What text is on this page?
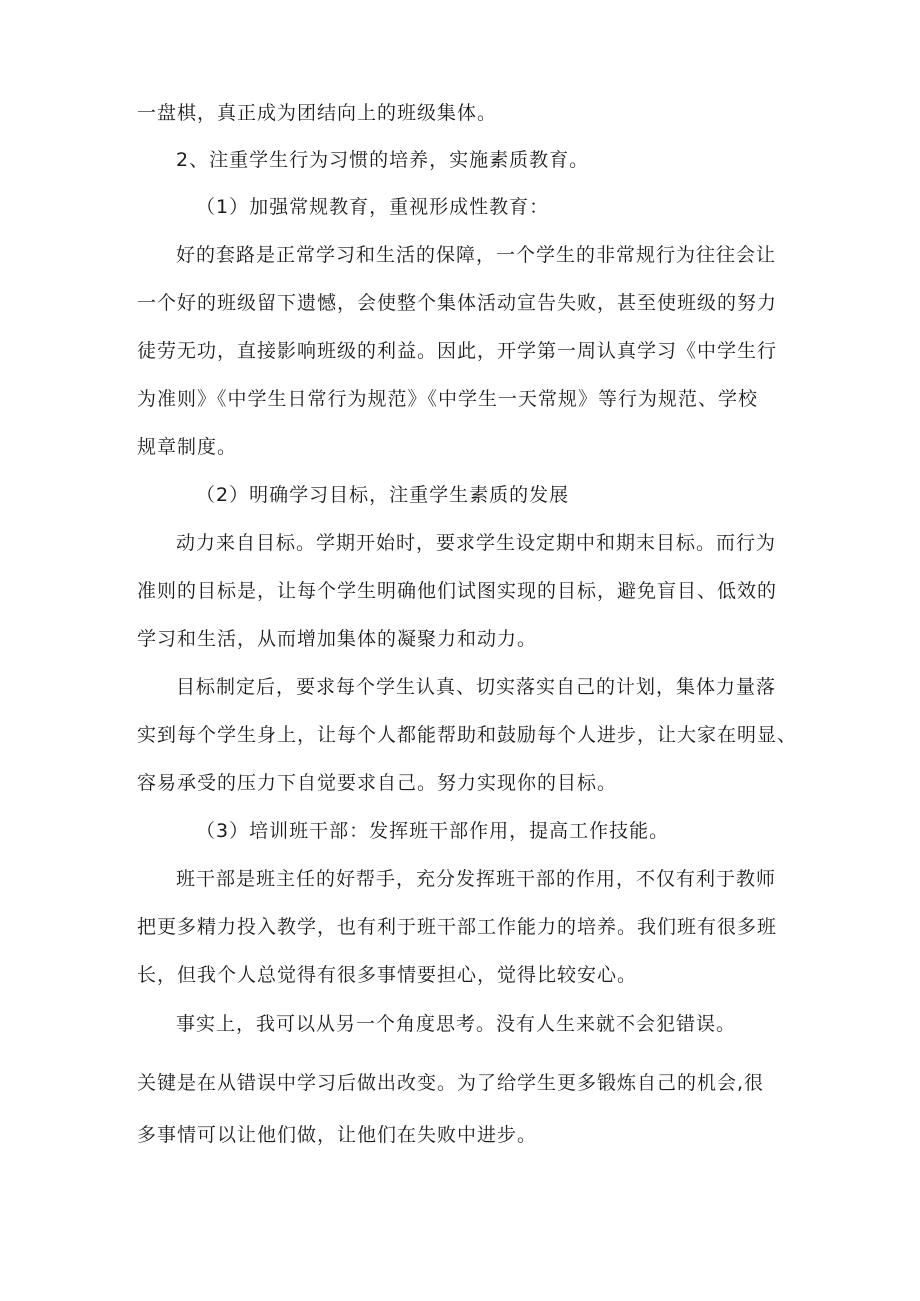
一盘棋，真正成为团结向上的班级集体。

2、注重学生行为习惯的培养，实施素质教育。

（1）加强常规教育，重视形成性教育：

好的套路是正常学习和生活的保障，一个学生的非常规行为往往会让

一个好的班级留下遗憾，会使整个集体活动宣告失败，甚至使班级的努力

徒劳无功，直接影响班级的利益。因此，开学第一周认真学习《中学生行

为准则》《中学生日常行为规范》《中学生一天常规》等行为规范、学校

规章制度。

（2）明确学习目标，注重学生素质的发展

动力来自目标。学期开始时，要求学生设定期中和期末目标。而行为

准则的目标是，让每个学生明确他们试图实现的目标，避免盲目、低效的

学习和生活，从而增加集体的凝聚力和动力。

目标制定后，要求每个学生认真、切实落实自己的计划，集体力量落

实到每个学生身上，让每个人都能帮助和鼓励每个人进步，让大家在明显、

容易承受的压力下自觉要求自己。努力实现你的目标。

（3）培训班干部：发挥班干部作用，提高工作技能。

班干部是班主任的好帮手，充分发挥班干部的作用，不仅有利于教师

把更多精力投入教学，也有利于班干部工作能力的培养。我们班有很多班

长，但我个人总觉得有很多事情要担心，觉得比较安心。

事实上，我可以从另一个角度思考。没有人生来就不会犯错误。

关键是在从错误中学习后做出改变。为了给学生更多锻炼自己的机会,很

多事情可以让他们做，让他们在失败中进步。
